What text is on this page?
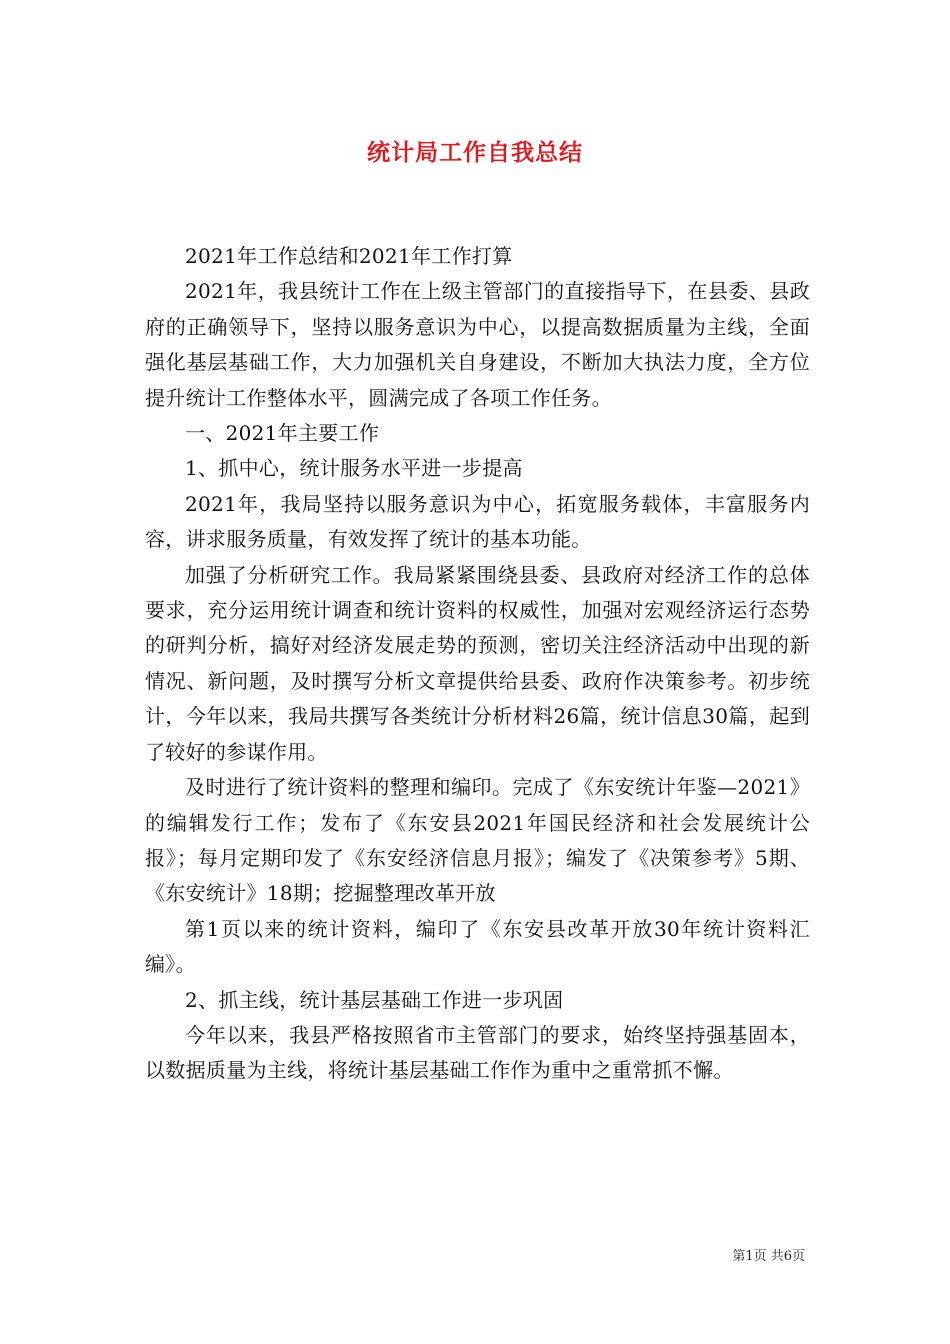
统计局工作自我总结

2021年工作总结和2021年工作打算

2021年，我县统计工作在上级主管部门的直接指导下，在县委、县政府的正确领导下，坚持以服务意识为中心，以提高数据质量为主线，全面强化基层基础工作，大力加强机关自身建设，不断加大执法力度，全方位提升统计工作整体水平，圆满完成了各项工作任务。

一、2021年主要工作

1、抓中心，统计服务水平进一步提高

2021年，我局坚持以服务意识为中心，拓宽服务载体，丰富服务内容，讲求服务质量，有效发挥了统计的基本功能。

加强了分析研究工作。我局紧紧围绕县委、县政府对经济工作的总体要求，充分运用统计调查和统计资料的权威性，加强对宏观经济运行态势的研判分析，搞好对经济发展走势的预测，密切关注经济活动中出现的新情况、新问题，及时撰写分析文章提供给县委、政府作决策参考。初步统计，今年以来，我局共撰写各类统计分析材料26篇，统计信息30篇，起到了较好的参谋作用。

及时进行了统计资料的整理和编印。完成了《东安统计年鉴—2021》的编辑发行工作；发布了《东安县2021年国民经济和社会发展统计公报》；每月定期印发了《东安经济信息月报》；编发了《决策参考》5期、《东安统计》18期；挖掘整理改革开放

第1页以来的统计资料，编印了《东安县改革开放30年统计资料汇编》。

2、抓主线，统计基层基础工作进一步巩固

今年以来，我县严格按照省市主管部门的要求，始终坚持强基固本，以数据质量为主线，将统计基层基础工作作为重中之重常抓不懈。

第1页 共6页
